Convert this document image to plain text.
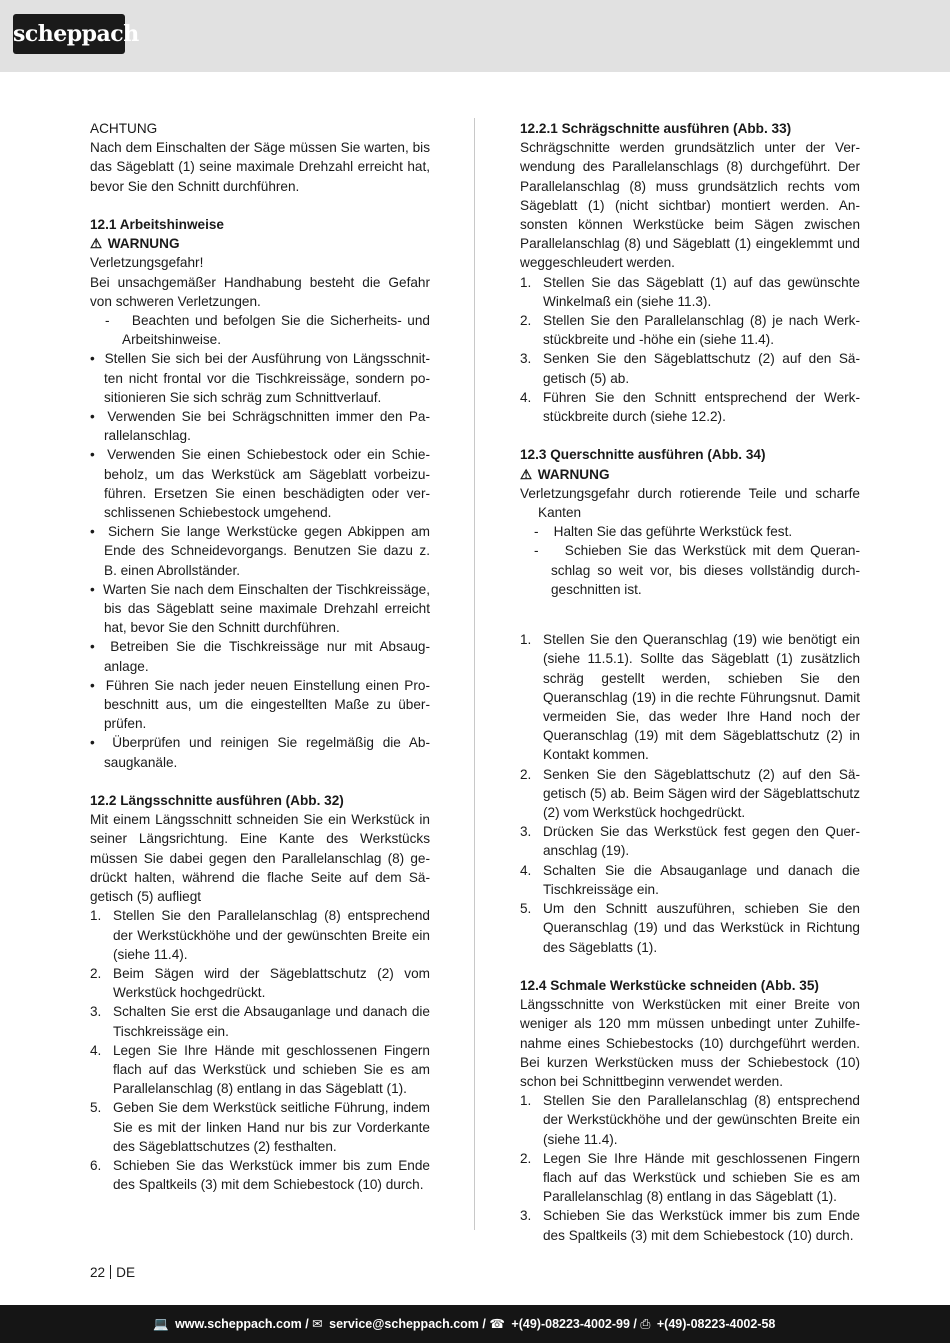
scheppach

ACHTUNG

Nach dem Einschalten der Säge müssen Sie warten, bis das Sägeblatt (1) seine maximale Drehzahl erreicht hat, bevor Sie den Schnitt durchführen.

12.1 Arbeitshinweise

⚠ WARNUNG

Verletzungsgefahr!

Bei unsachgemäßer Handhabung besteht die Gefahr von schweren Verletzungen.

-    Beachten und befolgen Sie die Sicherheits- und Arbeitshinweise.

•  Stellen Sie sich bei der Ausführung von Längsschnitten nicht frontal vor die Tischkreissäge, sondern positionieren Sie sich schräg zum Schnittverlauf.

•  Verwenden Sie bei Schrägschnitten immer den Parallelanschlag.

•  Verwenden Sie einen Schiebestock oder ein Schiebeholz, um das Werkstück am Sägeblatt vorbeizuführen. Ersetzen Sie einen beschädigten oder verschlissenen Schiebestock umgehend.

•  Sichern Sie lange Werkstücke gegen Abkippen am Ende des Schneidevorgangs. Benutzen Sie dazu z. B. einen Abrollständer.

•  Warten Sie nach dem Einschalten der Tischkreissäge, bis das Sägeblatt seine maximale Drehzahl erreicht hat, bevor Sie den Schnitt durchführen.

•  Betreiben Sie die Tischkreissäge nur mit Absauganlage.

•  Führen Sie nach jeder neuen Einstellung einen Probeschnitt aus, um die eingestellten Maße zu überprüfen.

•  Überprüfen und reinigen Sie regelmäßig die Absaugkanäle.

12.2 Längsschnitte ausführen (Abb. 32)

Mit einem Längsschnitt schneiden Sie ein Werkstück in seiner Längsrichtung. Eine Kante des Werkstücks müssen Sie dabei gegen den Parallelanschlag (8) gedrückt halten, während die flache Seite auf dem Sägetisch (5) aufliegt

1. Stellen Sie den Parallelanschlag (8) entsprechend der Werkstückhöhe und der gewünschten Breite ein (siehe 11.4).

2. Beim Sägen wird der Sägeblattschutz (2) vom Werkstück hochgedrückt.

3. Schalten Sie erst die Absauganlage und danach die Tischkreissäge ein.

4. Legen Sie Ihre Hände mit geschlossenen Fingern flach auf das Werkstück und schieben Sie es am Parallelanschlag (8) entlang in das Sägeblatt (1).

5. Geben Sie dem Werkstück seitliche Führung, indem Sie es mit der linken Hand nur bis zur Vorderkante des Sägeblattschutzes (2) festhalten.

6. Schieben Sie das Werkstück immer bis zum Ende des Spaltkeils (3) mit dem Schiebestock (10) durch.

12.2.1 Schrägschnitte ausführen (Abb. 33)

Schrägschnitte werden grundsätzlich unter der Verwendung des Parallelanschlags (8) durchgeführt. Der Parallelanschlag (8) muss grundsätzlich rechts vom Sägeblatt (1) (nicht sichtbar) montiert werden. Ansonsten können Werkstücke beim Sägen zwischen Parallelanschlag (8) und Sägeblatt (1) eingeklemmt und weggeschleudert werden.

1. Stellen Sie das Sägeblatt (1) auf das gewünschte Winkelmaß ein (siehe 11.3).

2. Stellen Sie den Parallelanschlag (8) je nach Werkstückbreite und -höhe ein (siehe 11.4).

3. Senken Sie den Sägeblattschutz (2) auf den Sägetisch (5) ab.

4. Führen Sie den Schnitt entsprechend der Werkstückbreite durch (siehe 12.2).

12.3 Querschnitte ausführen (Abb. 34)

⚠ WARNUNG

Verletzungsgefahr durch rotierende Teile und scharfe Kanten

-    Halten Sie das geführte Werkstück fest.

-    Schieben Sie das Werkstück mit dem Queranschlag so weit vor, bis dieses vollständig durchgeschnitten ist.

1. Stellen Sie den Queranschlag (19) wie benötigt ein (siehe 11.5.1). Sollte das Sägeblatt (1) zusätzlich schräg gestellt werden, schieben Sie den Queranschlag (19) in die rechte Führungsnut. Damit vermeiden Sie, das weder Ihre Hand noch der Queranschlag (19) mit dem Sägeblattschutz (2) in Kontakt kommen.

2. Senken Sie den Sägeblattschutz (2) auf den Sägetisch (5) ab. Beim Sägen wird der Sägeblattschutz (2) vom Werkstück hochgedrückt.

3. Drücken Sie das Werkstück fest gegen den Queranschlag (19).

4. Schalten Sie die Absauganlage und danach die Tischkreissäge ein.

5. Um den Schnitt auszuführen, schieben Sie den Queranschlag (19) und das Werkstück in Richtung des Sägeblatts (1).

12.4 Schmale Werkstücke schneiden (Abb. 35)

Längsschnitte von Werkstücken mit einer Breite von weniger als 120 mm müssen unbedingt unter Zuhilfenahme eines Schiebestocks (10) durchgeführt werden. Bei kurzen Werkstücken muss der Schiebestock (10) schon bei Schnittbeginn verwendet werden.

1. Stellen Sie den Parallelanschlag (8) entsprechend der Werkstückhöhe und der gewünschten Breite ein (siehe 11.4).

2. Legen Sie Ihre Hände mit geschlossenen Fingern flach auf das Werkstück und schieben Sie es am Parallelanschlag (8) entlang in das Sägeblatt (1).

3. Schieben Sie das Werkstück immer bis zum Ende des Spaltkeils (3) mit dem Schiebestock (10) durch.

22 DE
💻 www.scheppach.com / ✉ service@scheppach.com / ☎ +(49)-08223-4002-99 / ⎙ +(49)-08223-4002-58
